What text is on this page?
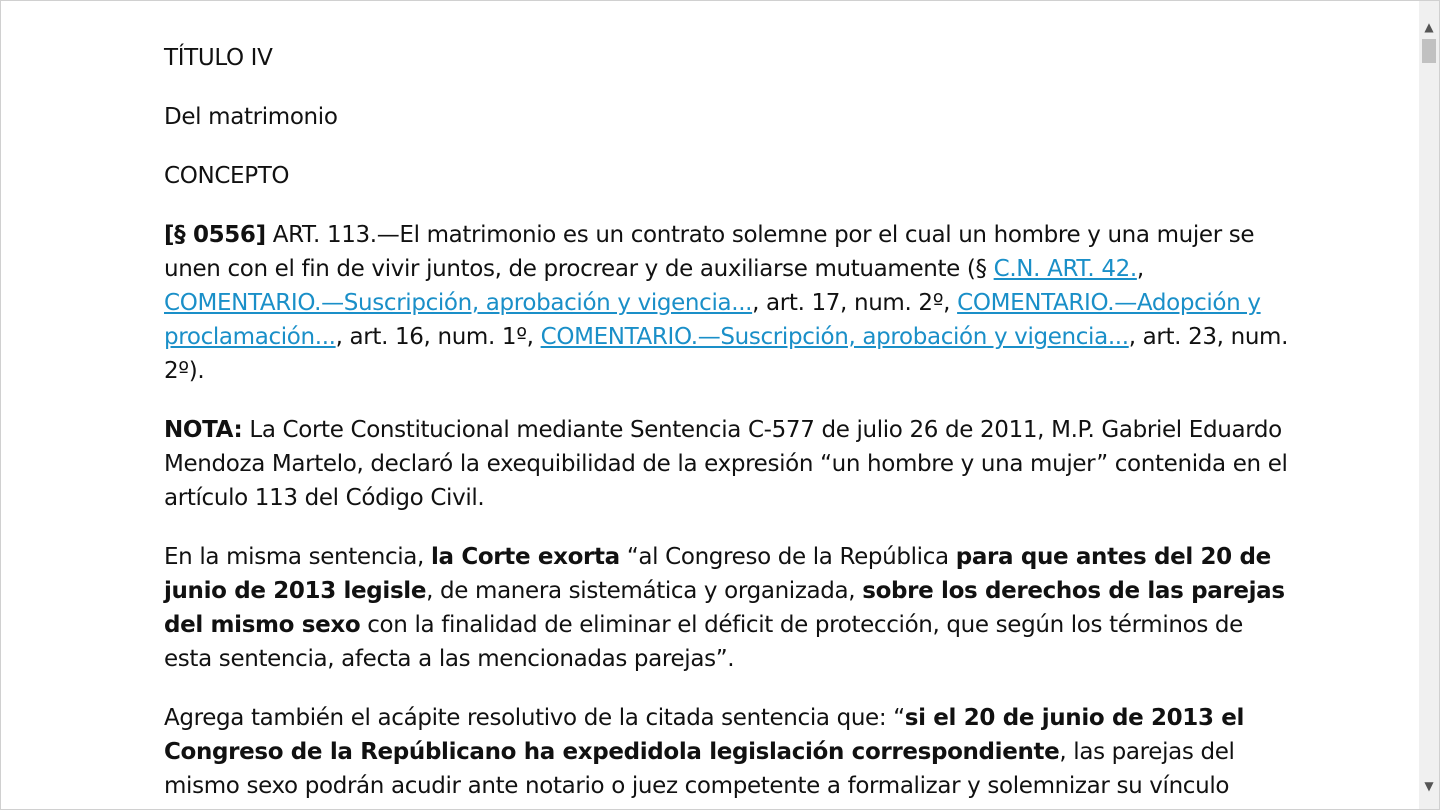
TÍTULO IV

Del matrimonio

CONCEPTO

[§ 0556] ART. 113.—El matrimonio es un contrato solemne por el cual un hombre y una mujer se unen con el fin de vivir juntos, de procrear y de auxiliarse mutuamente (§ C.N. ART. 42., COMENTARIO.—Suscripción, aprobación y vigencia..., art. 17, num. 2º, COMENTARIO.—Adopción y proclamación..., art. 16, num. 1º, COMENTARIO.—Suscripción, aprobación y vigencia..., art. 23, num. 2º).

NOTA: La Corte Constitucional mediante Sentencia C-577 de julio 26 de 2011, M.P. Gabriel Eduardo Mendoza Martelo, declaró la exequibilidad de la expresión “un hombre y una mujer” contenida en el artículo 113 del Código Civil.

En la misma sentencia, la Corte exorta “al Congreso de la República para que antes del 20 de junio de 2013 legisle, de manera sistemática y organizada, sobre los derechos de las parejas del mismo sexo con la finalidad de eliminar el déficit de protección, que según los términos de esta sentencia, afecta a las mencionadas parejas”.

Agrega también el acápite resolutivo de la citada sentencia que: “si el 20 de junio de 2013 el Congreso de la Repúblicano ha expedidola legislación correspondiente, las parejas del mismo sexo podrán acudir ante notario o juez competente a formalizar y solemnizar su vínculo

▲
▼
